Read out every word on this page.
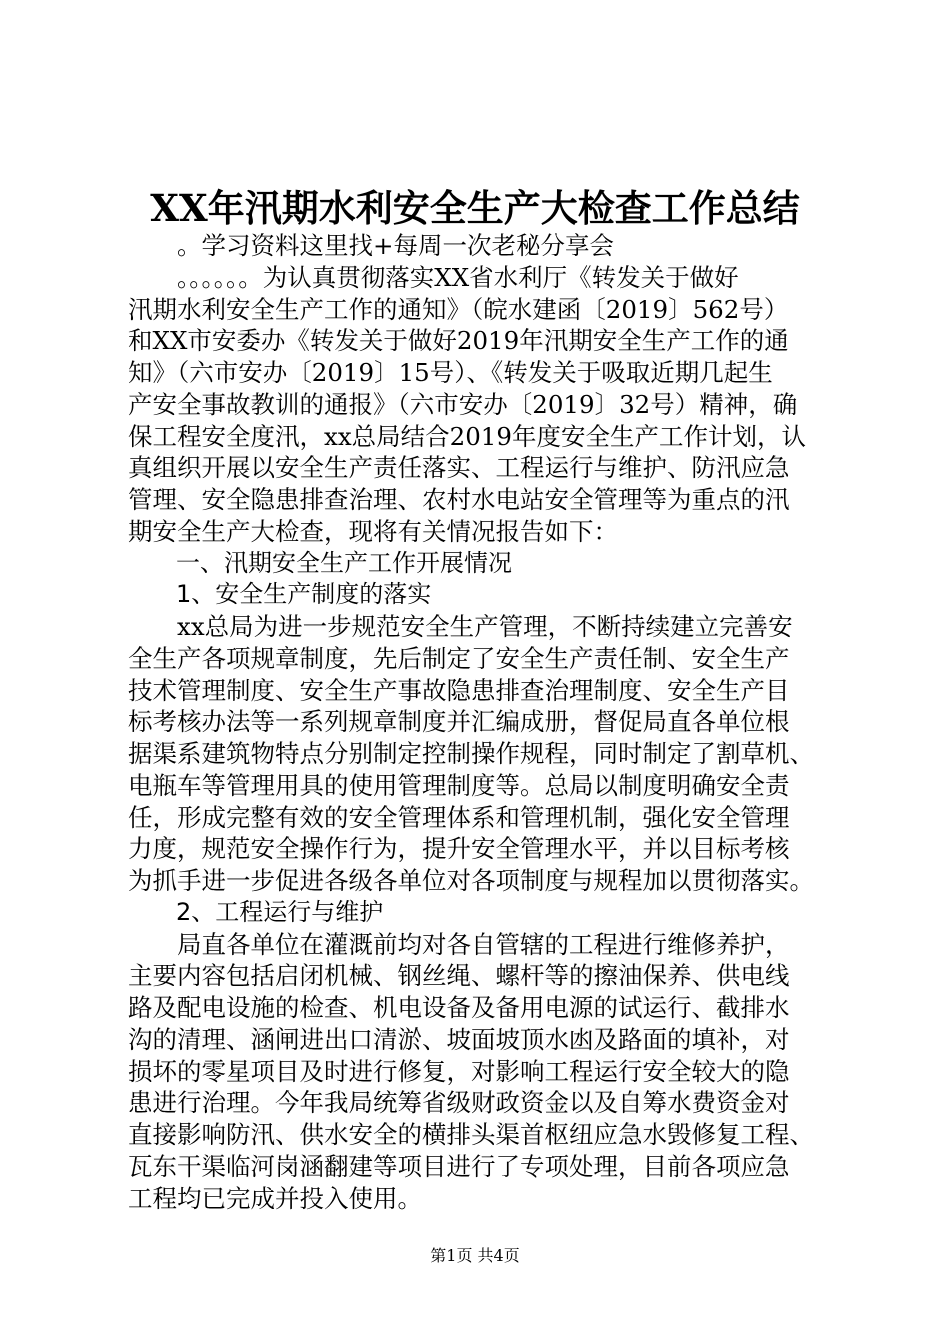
XX年汛期水利安全生产大检查工作总结
　　。学习资料这里找+每周一次老秘分享会
　　。。。。。。为认真贯彻落实XX省水利厅《转发关于做好
汛期水利安全生产工作的通知》（皖水建函〔2019〕562号）
和XX市安委办《转发关于做好2019年汛期安全生产工作的通
知》（六市安办〔2019〕15号）、《转发关于吸取近期几起生
产安全事故教训的通报》（六市安办〔2019〕32号）精神，确
保工程安全度汛，xx总局结合2019年度安全生产工作计划，认
真组织开展以安全生产责任落实、工程运行与维护、防汛应急
管理、安全隐患排查治理、农村水电站安全管理等为重点的汛
期安全生产大检查，现将有关情况报告如下：
　　一、汛期安全生产工作开展情况
　　1、安全生产制度的落实
　　xx总局为进一步规范安全生产管理，不断持续建立完善安
全生产各项规章制度，先后制定了安全生产责任制、安全生产
技术管理制度、安全生产事故隐患排查治理制度、安全生产目
标考核办法等一系列规章制度并汇编成册，督促局直各单位根
据渠系建筑物特点分别制定控制操作规程，同时制定了割草机、
电瓶车等管理用具的使用管理制度等。总局以制度明确安全责
任，形成完整有效的安全管理体系和管理机制，强化安全管理
力度，规范安全操作行为，提升安全管理水平，并以目标考核
为抓手进一步促进各级各单位对各项制度与规程加以贯彻落实。
　　2、工程运行与维护
　　局直各单位在灌溉前均对各自管辖的工程进行维修养护，
主要内容包括启闭机械、钢丝绳、螺杆等的擦油保养、供电线
路及配电设施的检查、机电设备及备用电源的试运行、截排水
沟的清理、涵闸进出口清淤、坡面坡顶水凼及路面的填补，对
损坏的零星项目及时进行修复，对影响工程运行安全较大的隐
患进行治理。今年我局统筹省级财政资金以及自筹水费资金对
直接影响防汛、供水安全的横排头渠首枢纽应急水毁修复工程、
瓦东干渠临河岗涵翻建等项目进行了专项处理，目前各项应急
工程均已完成并投入使用。
第1页 共4页
